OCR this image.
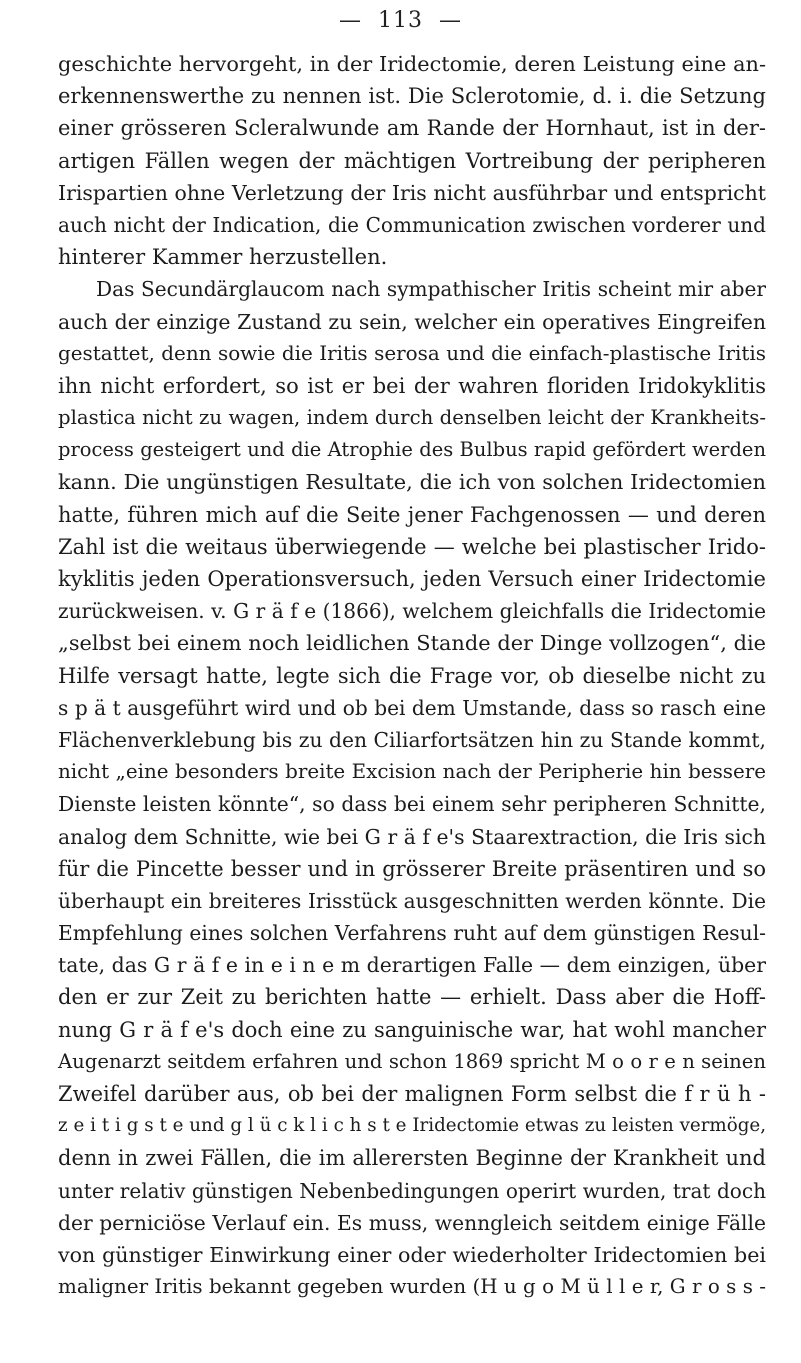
— 113 —
geschichte hervorgeht, in der Iridectomie, deren Leistung eine an-
erkennenswerthe zu nennen ist. Die Sclerotomie, d. i. die Setzung
einer grösseren Scleralwunde am Rande der Hornhaut, ist in der-
artigen Fällen wegen der mächtigen Vortreibung der peripheren
Irispartien ohne Verletzung der Iris nicht ausführbar und entspricht
auch nicht der Indication, die Communication zwischen vorderer und
hinterer Kammer herzustellen.
Das Secundärglaucom nach sympathischer Iritis scheint mir aber
auch der einzige Zustand zu sein, welcher ein operatives Eingreifen
gestattet, denn sowie die Iritis serosa und die einfach-plastische Iritis
ihn nicht erfordert, so ist er bei der wahren floriden Iridokyklitis
plastica nicht zu wagen, indem durch denselben leicht der Krankheits-
process gesteigert und die Atrophie des Bulbus rapid gefördert werden
kann. Die ungünstigen Resultate, die ich von solchen Iridectomien
hatte, führen mich auf die Seite jener Fachgenossen — und deren
Zahl ist die weitaus überwiegende — welche bei plastischer Irido-
kyklitis jeden Operationsversuch, jeden Versuch einer Iridectomie
zurückweisen. v. G r ä f e (1866), welchem gleichfalls die Iridectomie
„selbst bei einem noch leidlichen Stande der Dinge vollzogen“, die
Hilfe versagt hatte, legte sich die Frage vor, ob dieselbe nicht zu
s p ä t ausgeführt wird und ob bei dem Umstande, dass so rasch eine
Flächenverklebung bis zu den Ciliarfortsätzen hin zu Stande kommt,
nicht „eine besonders breite Excision nach der Peripherie hin bessere
Dienste leisten könnte“, so dass bei einem sehr peripheren Schnitte,
analog dem Schnitte, wie bei G r ä f e's Staarextraction, die Iris sich
für die Pincette besser und in grösserer Breite präsentiren und so
überhaupt ein breiteres Irisstück ausgeschnitten werden könnte. Die
Empfehlung eines solchen Verfahrens ruht auf dem günstigen Resul-
tate, das G r ä f e in e i n e m derartigen Falle — dem einzigen, über
den er zur Zeit zu berichten hatte — erhielt. Dass aber die Hoff-
nung G r ä f e's doch eine zu sanguinische war, hat wohl mancher
Augenarzt seitdem erfahren und schon 1869 spricht M o o r e n seinen
Zweifel darüber aus, ob bei der malignen Form selbst die f r ü h -
z e i t i g s t e und g l ü c k l i c h s t e Iridectomie etwas zu leisten vermöge,
denn in zwei Fällen, die im allerersten Beginne der Krankheit und
unter relativ günstigen Nebenbedingungen operirt wurden, trat doch
der perniciöse Verlauf ein. Es muss, wenngleich seitdem einige Fälle
von günstiger Einwirkung einer oder wiederholter Iridectomien bei
maligner Iritis bekannt gegeben wurden (H u g o M ü l l e r, G r o s s -
